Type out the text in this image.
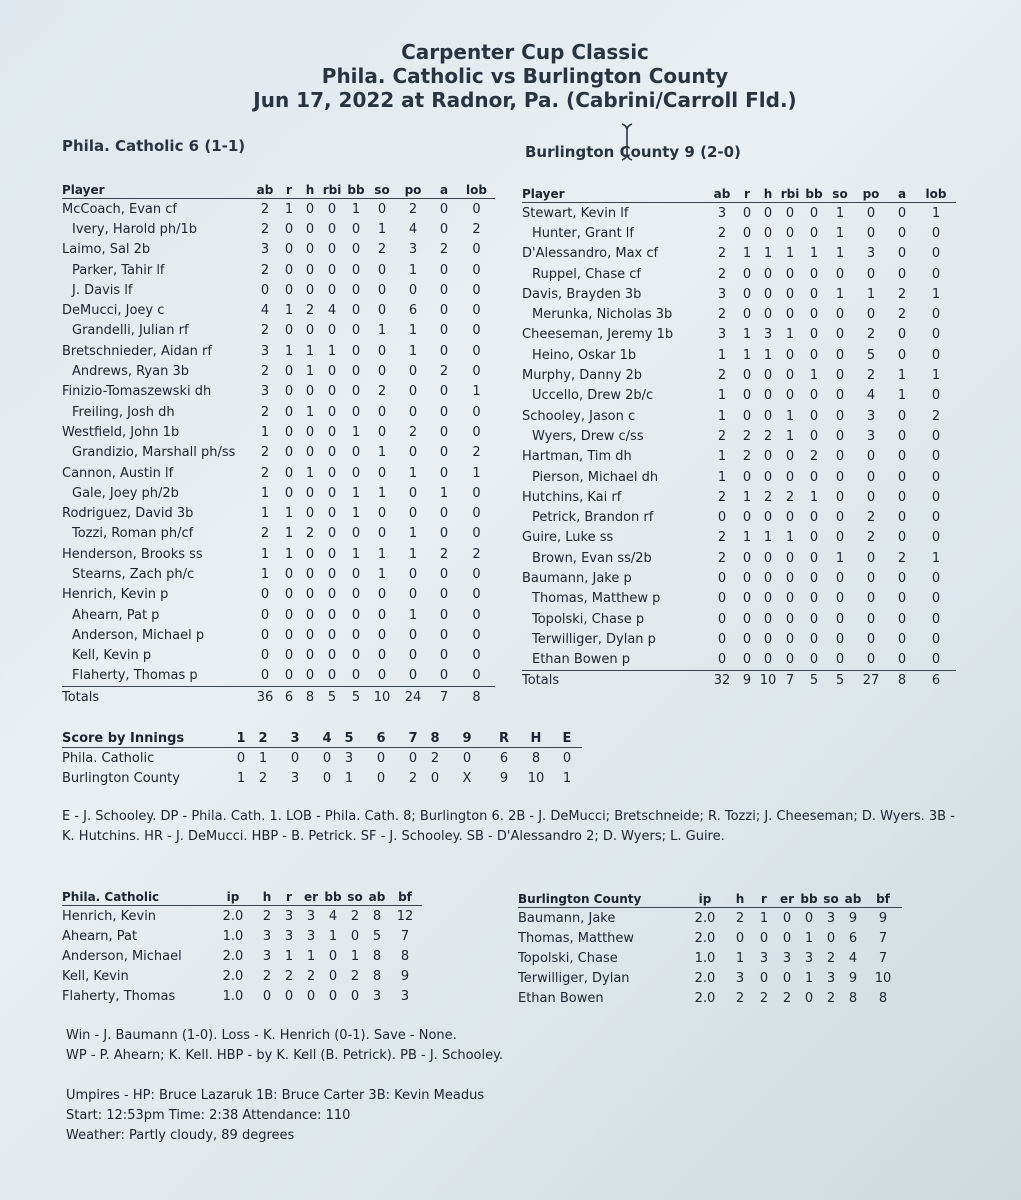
Carpenter Cup Classic
Phila. Catholic vs Burlington County
Jun 17, 2022 at Radnor, Pa. (Cabrini/Carroll Fld.)
Phila. Catholic 6 (1-1)	Burlington County 9 (2-0)
Player	ab	r	h	rbi	bb	so	po	a	lob
McCoach, Evan cf	2	1	0	0	1	0	2	0	0
Ivery, Harold ph/1b	2	0	0	0	0	1	4	0	2
Laimo, Sal 2b	3	0	0	0	0	2	3	2	0
Parker, Tahir lf	2	0	0	0	0	0	1	0	0
J. Davis lf	0	0	0	0	0	0	0	0	0
DeMucci, Joey c	4	1	2	4	0	0	6	0	0
Grandelli, Julian rf	2	0	0	0	0	1	1	0	0
Bretschnieder, Aidan rf	3	1	1	1	0	0	1	0	0
Andrews, Ryan 3b	2	0	1	0	0	0	0	2	0
Finizio-Tomaszewski dh	3	0	0	0	0	2	0	0	1
Freiling, Josh dh	2	0	1	0	0	0	0	0	0
Westfield, John 1b	1	0	0	0	1	0	2	0	0
Grandizio, Marshall ph/ss	2	0	0	0	0	1	0	0	2
Cannon, Austin lf	2	0	1	0	0	0	1	0	1
Gale, Joey ph/2b	1	0	0	0	1	1	0	1	0
Rodriguez, David 3b	1	1	0	0	1	0	0	0	0
Tozzi, Roman ph/cf	2	1	2	0	0	0	1	0	0
Henderson, Brooks ss	1	1	0	0	1	1	1	2	2
Stearns, Zach ph/c	1	0	0	0	0	1	0	0	0
Henrich, Kevin p	0	0	0	0	0	0	0	0	0
Ahearn, Pat p	0	0	0	0	0	0	1	0	0
Anderson, Michael p	0	0	0	0	0	0	0	0	0
Kell, Kevin p	0	0	0	0	0	0	0	0	0
Flaherty, Thomas p	0	0	0	0	0	0	0	0	0
Totals	36	6	8	5	5	10	24	7	8
Player	ab	r	h	rbi	bb	so	po	a	lob
Stewart, Kevin lf	3	0	0	0	0	1	0	0	1
Hunter, Grant lf	2	0	0	0	0	1	0	0	0
D'Alessandro, Max cf	2	1	1	1	1	1	3	0	0
Ruppel, Chase cf	2	0	0	0	0	0	0	0	0
Davis, Brayden 3b	3	0	0	0	0	1	1	2	1
Merunka, Nicholas 3b	2	0	0	0	0	0	0	2	0
Cheeseman, Jeremy 1b	3	1	3	1	0	0	2	0	0
Heino, Oskar 1b	1	1	1	0	0	0	5	0	0
Murphy, Danny 2b	2	0	0	0	1	0	2	1	1
Uccello, Drew 2b/c	1	0	0	0	0	0	4	1	0
Schooley, Jason c	1	0	0	1	0	0	3	0	2
Wyers, Drew c/ss	2	2	2	1	0	0	3	0	0
Hartman, Tim dh	1	2	0	0	2	0	0	0	0
Pierson, Michael dh	1	0	0	0	0	0	0	0	0
Hutchins, Kai rf	2	1	2	2	1	0	0	0	0
Petrick, Brandon rf	0	0	0	0	0	0	2	0	0
Guire, Luke ss	2	1	1	1	0	0	2	0	0
Brown, Evan ss/2b	2	0	0	0	0	1	0	2	1
Baumann, Jake p	0	0	0	0	0	0	0	0	0
Thomas, Matthew p	0	0	0	0	0	0	0	0	0
Topolski, Chase p	0	0	0	0	0	0	0	0	0
Terwilliger, Dylan p	0	0	0	0	0	0	0	0	0
Ethan Bowen p	0	0	0	0	0	0	0	0	0
Totals	32	9	10	7	5	5	27	8	6
Score by Innings	1	2	3	4	5	6	7	8	9	R	H	E
Phila. Catholic	0	1	0	0	3	0	0	2	0	6	8	0
Burlington County	1	2	3	0	1	0	2	0	X	9	10	1
E - J. Schooley. DP - Phila. Cath. 1. LOB - Phila. Cath. 8; Burlington 6. 2B - J. DeMucci; Bretschneide; R. Tozzi; J. Cheeseman; D. Wyers. 3B - K. Hutchins. HR - J. DeMucci. HBP - B. Petrick. SF - J. Schooley. SB - D'Alessandro 2; D. Wyers; L. Guire.
Phila. Catholic	ip	h	r	er	bb	so	ab	bf
Henrich, Kevin	2.0	2	3	3	4	2	8	12
Ahearn, Pat	1.0	3	3	3	1	0	5	7
Anderson, Michael	2.0	3	1	1	0	1	8	8
Kell, Kevin	2.0	2	2	2	0	2	8	9
Flaherty, Thomas	1.0	0	0	0	0	0	3	3
Burlington County	ip	h	r	er	bb	so	ab	bf
Baumann, Jake	2.0	2	1	0	0	3	9	9
Thomas, Matthew	2.0	0	0	0	1	0	6	7
Topolski, Chase	1.0	1	3	3	3	2	4	7
Terwilliger, Dylan	2.0	3	0	0	1	3	9	10
Ethan Bowen	2.0	2	2	2	0	2	8	8
Win - J. Baumann (1-0). Loss - K. Henrich (0-1). Save - None.
WP - P. Ahearn; K. Kell. HBP - by K. Kell (B. Petrick). PB - J. Schooley.
Umpires - HP: Bruce Lazaruk 1B: Bruce Carter 3B: Kevin Meadus
Start: 12:53pm Time: 2:38 Attendance: 110
Weather: Partly cloudy, 89 degrees
